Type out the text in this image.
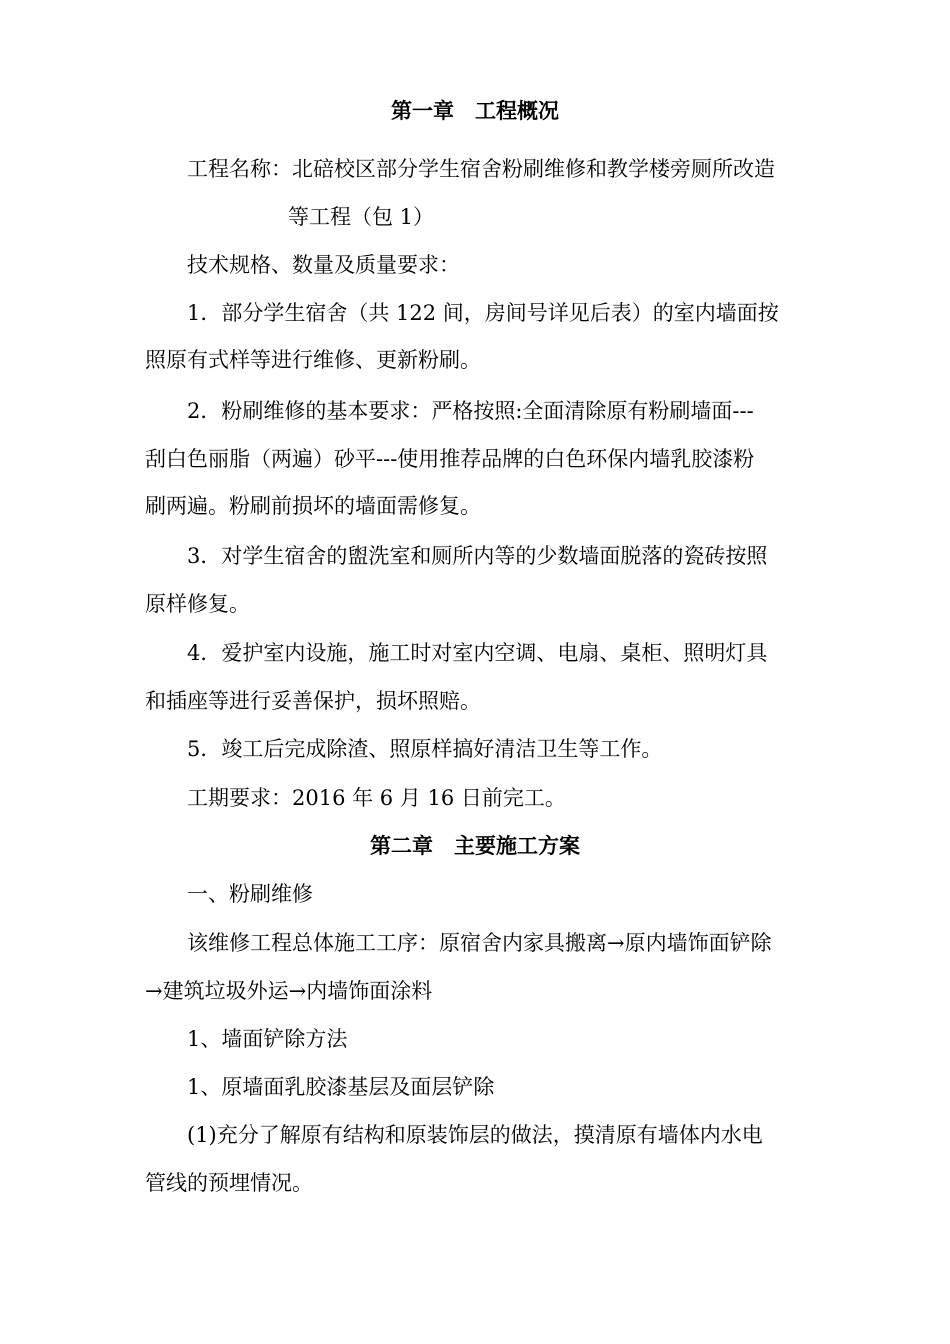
第一章　工程概况
工程名称：北碚校区部分学生宿舍粉刷维修和教学楼旁厕所改造
等工程（包 1）
技术规格、数量及质量要求：
1．部分学生宿舍（共 122 间，房间号详见后表）的室内墙面按
照原有式样等进行维修、更新粉刷。
2．粉刷维修的基本要求：严格按照:全面清除原有粉刷墙面---
刮白色丽脂（两遍）砂平---使用推荐品牌的白色环保内墙乳胶漆粉
刷两遍。粉刷前损坏的墙面需修复。
3．对学生宿舍的盥洗室和厕所内等的少数墙面脱落的瓷砖按照
原样修复。
4．爱护室内设施，施工时对室内空调、电扇、桌柜、照明灯具
和插座等进行妥善保护，损坏照赔。
5．竣工后完成除渣、照原样搞好清洁卫生等工作。
工期要求：2016 年 6 月 16 日前完工。
第二章　主要施工方案
一、粉刷维修
该维修工程总体施工工序：原宿舍内家具搬离→原内墙饰面铲除
→建筑垃圾外运→内墙饰面涂料
1、墙面铲除方法
1、原墙面乳胶漆基层及面层铲除
(1)充分了解原有结构和原装饰层的做法，摸清原有墙体内水电
管线的预埋情况。
